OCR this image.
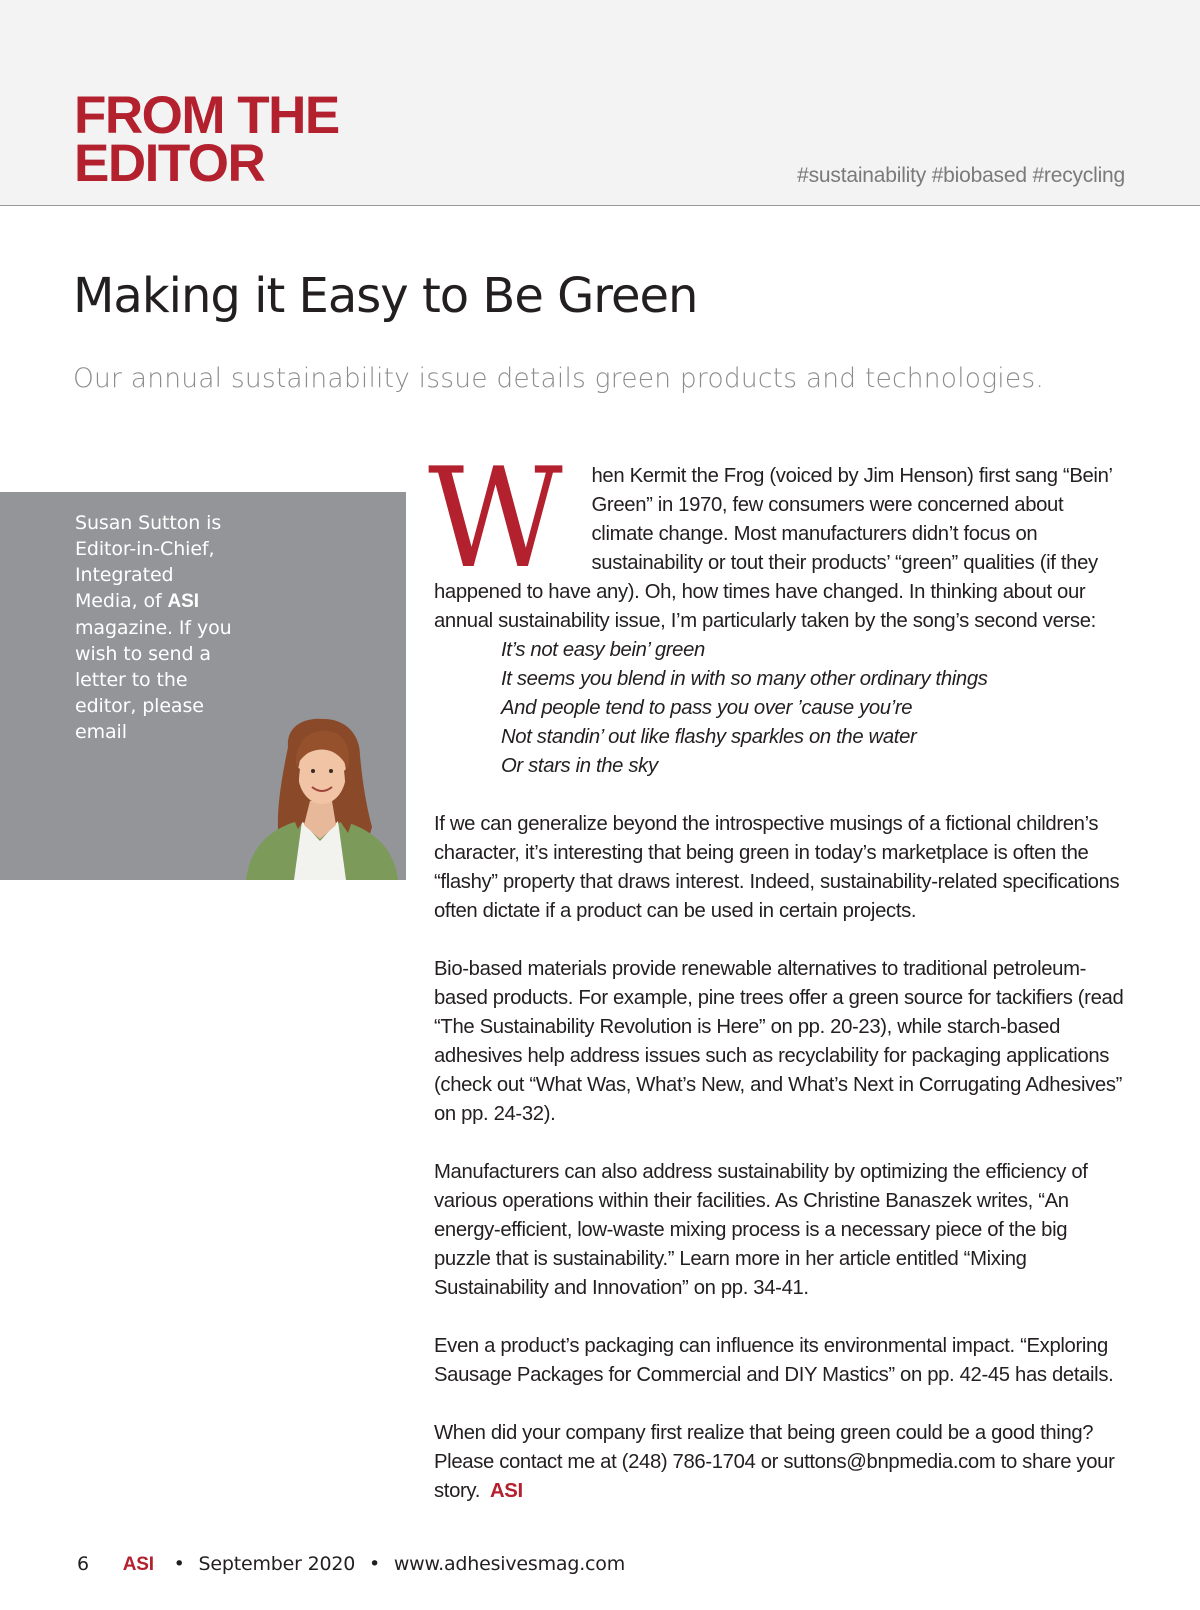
FROM THE
EDITOR	#sustainability #biobased #recycling
Making it Easy to Be Green

Our annual sustainability issue details green products and technologies.

Susan Sutton is Editor-in-Chief, Integrated Media, of ASI magazine. If you wish to send a letter to the editor, please email suttons@bnpmedia.com. Letters must include the sender’s address, phone number, and email address, when possible. Letters may be edited for space and clarity.
W	hen Kermit the Frog (voiced by Jim Henson) first sang “Bein’ Green” in 1970, few consumers were concerned about climate change. Most manufacturers didn’t focus on sustainability or tout their products’ “green” qualities (if they happened to have any). Oh, how times have changed. In thinking about our annual sustainability issue, I’m particularly taken by the song’s second verse:

It’s not easy bein’ green
It seems you blend in with so many other ordinary things
And people tend to pass you over ’cause you’re
Not standin’ out like flashy sparkles on the water
Or stars in the sky

If we can generalize beyond the introspective musings of a fictional children’s character, it’s interesting that being green in today’s marketplace is often the “flashy” property that draws interest. Indeed, sustainability-related specifications often dictate if a product can be used in certain projects.

Bio-based materials provide renewable alternatives to traditional petroleum-based products. For example, pine trees offer a green source for tackifiers (read “The Sustainability Revolution is Here” on pp. 20-23), while starch-based adhesives help address issues such as recyclability for packaging applications (check out “What Was, What’s New, and What’s Next in Corrugating Adhesives” on pp. 24-32).

Manufacturers can also address sustainability by optimizing the efficiency of various operations within their facilities. As Christine Banaszek writes, “An energy-efficient, low-waste mixing process is a necessary piece of the big puzzle that is sustainability.” Learn more in her article entitled “Mixing Sustainability and Innovation” on pp. 34-41.

Even a product’s packaging can influence its environmental impact. “Exploring Sausage Packages for Commercial and DIY Mastics” on pp. 42-45 has details.

When did your company first realize that being green could be a good thing? Please contact me at (248) 786-1704 or suttons@bnpmedia.com to share your story. ASI

6 ASI • September 2020 • www.adhesivesmag.com
